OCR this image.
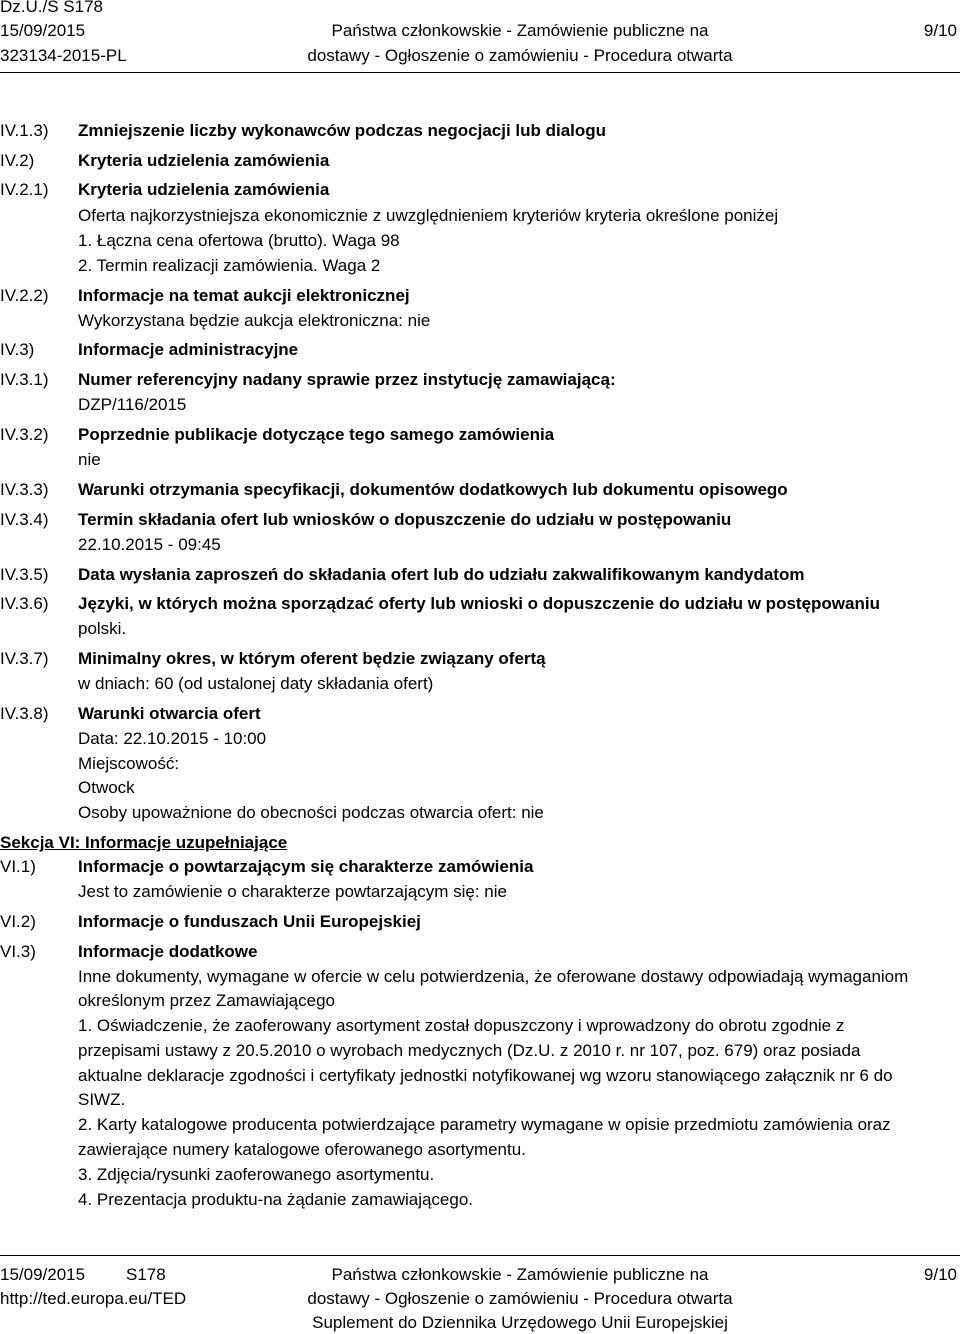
Dz.U./S S178
15/09/2015
323134-2015-PL
Państwa członkowskie - Zamówienie publiczne na
dostawy - Ogłoszenie o zamówieniu - Procedura otwarta
9/10
IV.1.3) Zmniejszenie liczby wykonawców podczas negocjacji lub dialogu
IV.2)	Kryteria udzielenia zamówienia
IV.2.1) Kryteria udzielenia zamówienia
Oferta najkorzystniejsza ekonomicznie z uwzględnieniem kryteriów kryteria określone poniżej
1. Łączna cena ofertowa (brutto). Waga 98
2. Termin realizacji zamówienia. Waga 2
IV.2.2) Informacje na temat aukcji elektronicznej
Wykorzystana będzie aukcja elektroniczna: nie
IV.3)	Informacje administracyjne
IV.3.1) Numer referencyjny nadany sprawie przez instytucję zamawiającą:
DZP/116/2015
IV.3.2) Poprzednie publikacje dotyczące tego samego zamówienia
nie
IV.3.3) Warunki otrzymania specyfikacji, dokumentów dodatkowych lub dokumentu opisowego
IV.3.4) Termin składania ofert lub wniosków o dopuszczenie do udziału w postępowaniu
22.10.2015 - 09:45
IV.3.5) Data wysłania zaproszeń do składania ofert lub do udziału zakwalifikowanym kandydatom
IV.3.6) Języki, w których można sporządzać oferty lub wnioski o dopuszczenie do udziału w postępowaniu
polski.
IV.3.7) Minimalny okres, w którym oferent będzie związany ofertą
w dniach: 60 (od ustalonej daty składania ofert)
IV.3.8) Warunki otwarcia ofert
Data: 22.10.2015 - 10:00
Miejscowość:
Otwock
Osoby upoważnione do obecności podczas otwarcia ofert: nie
Sekcja VI: Informacje uzupełniające
VI.1) Informacje o powtarzającym się charakterze zamówienia
Jest to zamówienie o charakterze powtarzającym się: nie
VI.2) Informacje o funduszach Unii Europejskiej
VI.3) Informacje dodatkowe
Inne dokumenty, wymagane w ofercie w celu potwierdzenia, że oferowane dostawy odpowiadają wymaganiom
określonym przez Zamawiającego
1. Oświadczenie, że zaoferowany asortyment został dopuszczony i wprowadzony do obrotu zgodnie z
przepisami ustawy z 20.5.2010 o wyrobach medycznych (Dz.U. z 2010 r. nr 107, poz. 679) oraz posiada
aktualne deklaracje zgodności i certyfikaty jednostki notyfikowanej wg wzoru stanowiącego załącznik nr 6 do
SIWZ.
2. Karty katalogowe producenta potwierdzające parametry wymagane w opisie przedmiotu zamówienia oraz
zawierające numery katalogowe oferowanego asortymentu.
3. Zdjęcia/rysunki zaoferowanego asortymentu.
4. Prezentacja produktu-na żądanie zamawiającego.
15/09/2015 S178
http://ted.europa.eu/TED
Państwa członkowskie - Zamówienie publiczne na
dostawy - Ogłoszenie o zamówieniu - Procedura otwarta
Suplement do Dziennika Urzędowego Unii Europejskiej
9/10
